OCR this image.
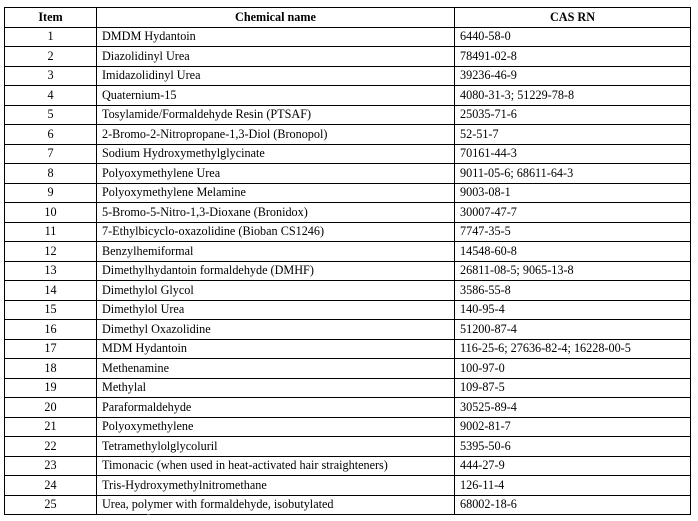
Item	Chemical name	CAS RN
1	DMDM Hydantoin	6440-58-0
2	Diazolidinyl Urea	78491-02-8
3	Imidazolidinyl Urea	39236-46-9
4	Quaternium-15	4080-31-3; 51229-78-8
5	Tosylamide/Formaldehyde Resin (PTSAF)	25035-71-6
6	2-Bromo-2-Nitropropane-1,3-Diol (Bronopol)	52-51-7
7	Sodium Hydroxymethylglycinate	70161-44-3
8	Polyoxymethylene Urea	9011-05-6; 68611-64-3
9	Polyoxymethylene Melamine	9003-08-1
10	5-Bromo-5-Nitro-1,3-Dioxane (Bronidox)	30007-47-7
11	7-Ethylbicyclo-oxazolidine (Bioban CS1246)	7747-35-5
12	Benzylhemiformal	14548-60-8
13	Dimethylhydantoin formaldehyde (DMHF)	26811-08-5; 9065-13-8
14	Dimethylol Glycol	3586-55-8
15	Dimethylol Urea	140-95-4
16	Dimethyl Oxazolidine	51200-87-4
17	MDM Hydantoin	116-25-6; 27636-82-4; 16228-00-5
18	Methenamine	100-97-0
19	Methylal	109-87-5
20	Paraformaldehyde	30525-89-4
21	Polyoxymethylene	9002-81-7
22	Tetramethylolglycoluril	5395-50-6
23	Timonacic (when used in heat-activated hair straighteners)	444-27-9
24	Tris-Hydroxymethylnitromethane	126-11-4
25	Urea, polymer with formaldehyde, isobutylated	68002-18-6
